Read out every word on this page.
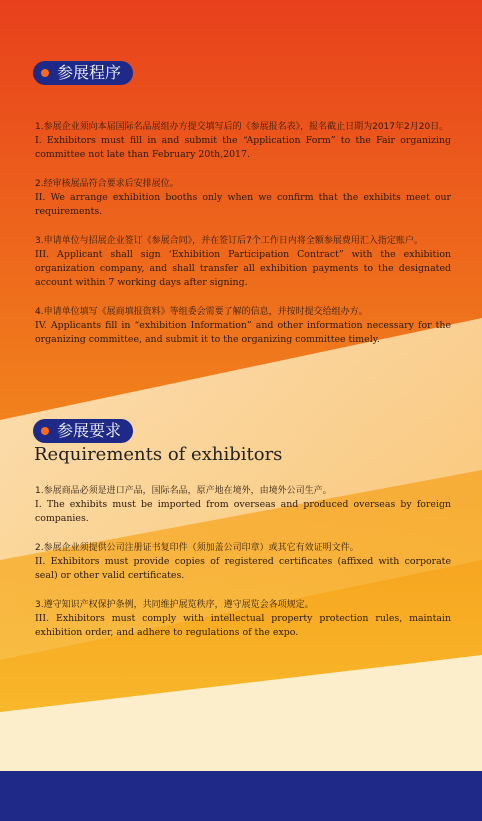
参展程序

1.参展企业须向本届国际名品展组办方提交填写后的《参展报名表》，报名截止日期为2017年2月20日。

I. Exhibitors must fill in and submit the “Application Form” to the Fair organizing committee not late than February 20th,2017.

2.经审核展品符合要求后安排展位。

II. We arrange exhibition booths only when we confirm that the exhibits meet our requirements.

3.申请单位与招展企业签订《参展合同》，并在签订后7个工作日内将全额参展费用汇入指定账户。

III. Applicant shall sign ‘Exhibition Participation Contract” with the exhibition organization company, and shall transfer all exhibition payments to the designated account within 7 working days after signing.

4.申请单位填写《展商填报资料》等组委会需要了解的信息，并按时提交给组办方。

IV. Applicants fill in “exhibition Information” and other information necessary for the organizing committee, and submit it to the organizing committee timely.

参展要求
Requirements of exhibitors

1.参展商品必须是进口产品，国际名品，原产地在境外，由境外公司生产。

I. The exhibits must be imported from overseas and produced overseas by foreign companies.

2.参展企业须提供公司注册证书复印件（须加盖公司印章）或其它有效证明文件。

II. Exhibitors must provide copies of registered certificates (affixed with corporate seal) or other valid certificates.

3.遵守知识产权保护条例，共同维护展览秩序，遵守展览会各项规定。

III. Exhibitors must comply with intellectual property protection rules, maintain exhibition order, and adhere to regulations of the expo.
